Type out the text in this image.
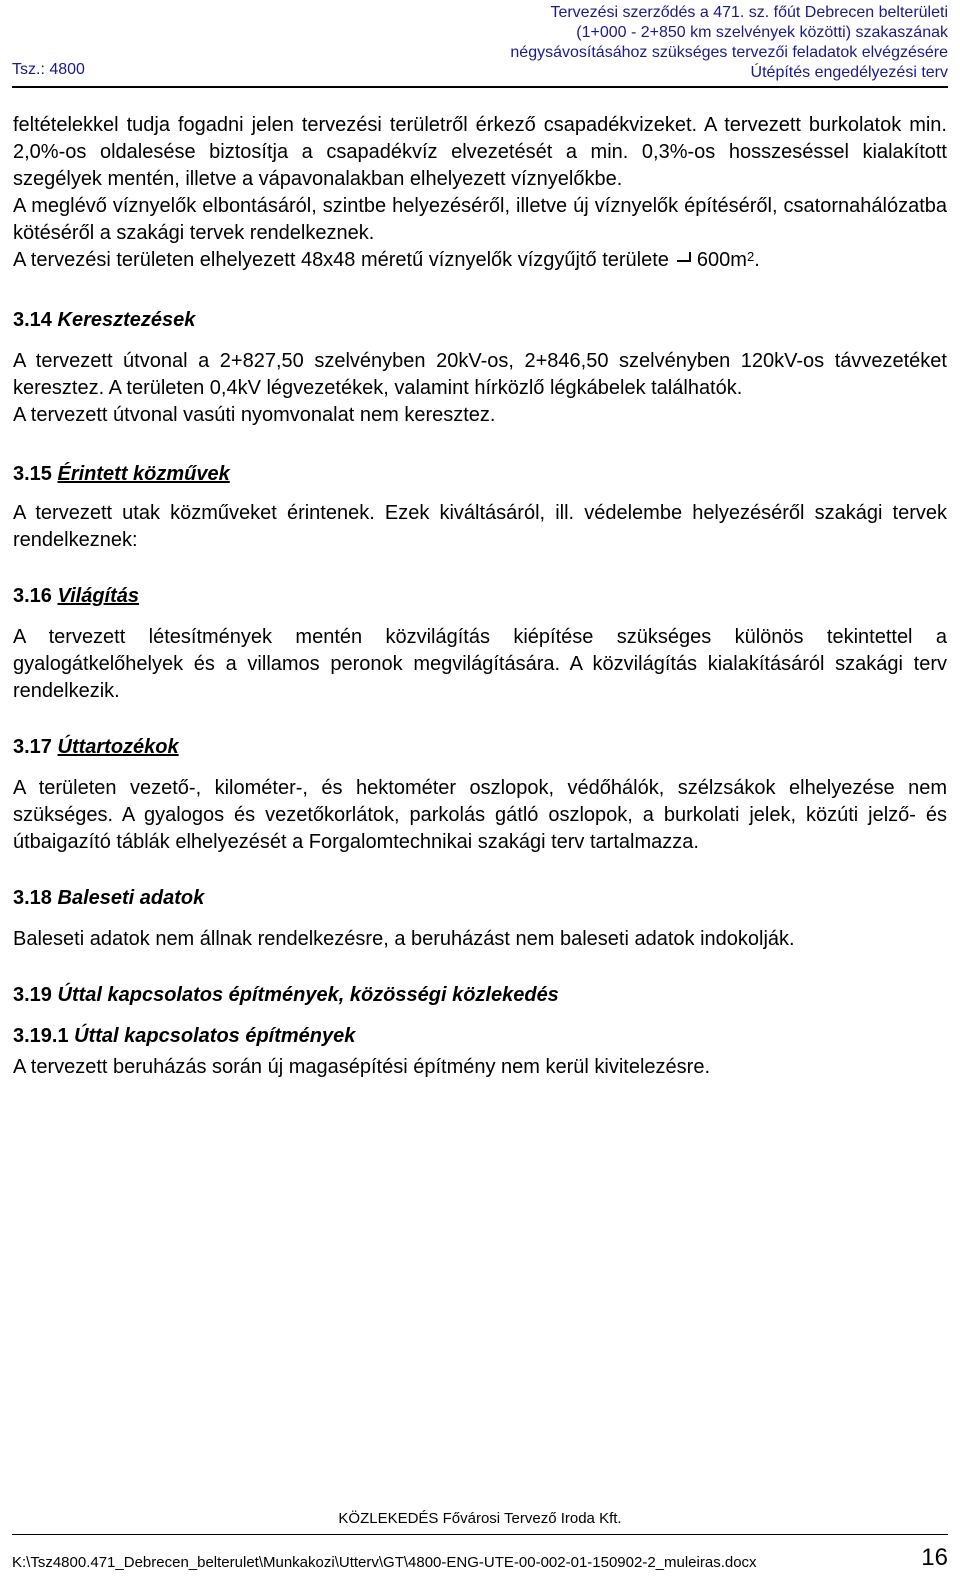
Tsz.: 4800
Tervezési szerződés a 471. sz. főút Debrecen belterületi
(1+000 - 2+850 km szelvények közötti) szakaszának
négysávosításához szükséges tervezői feladatok elvégzésére
Útépítés engedélyezési terv

feltételekkel tudja fogadni jelen tervezési területről érkező csapadékvizeket. A tervezett burkolatok min. 2,0%-os oldalesése biztosítja a csapadékvíz elvezetését a min. 0,3%-os hosszeséssel kialakított szegélyek mentén, illetve a vápavonalakban elhelyezett víznyelőkbe.

A meglévő víznyelők elbontásáról, szintbe helyezéséről, illetve új víznyelők építéséről, csatornahálózatba kötéséről a szakági tervek rendelkeznek.

A tervezési területen elhelyezett 48x48 méretű víznyelők vízgyűjtő területe $600m^2$.

3.14 Keresztezések

A tervezett útvonal a 2+827,50 szelvényben 20kV-os, 2+846,50 szelvényben 120kV-os távvezetéket keresztez. A területen 0,4kV légvezetékek, valamint hírközlő légkábelek találhatók.

A tervezett útvonal vasúti nyomvonalat nem keresztez.

3.15 Érintett közművek

A tervezett utak közműveket érintenek. Ezek kiváltásáról, ill. védelembe helyezéséről szakági tervek rendelkeznek:

3.16 Világítás

A tervezett létesítmények mentén közvilágítás kiépítése szükséges különös tekintettel a gyalogátkelőhelyek és a villamos peronok megvilágítására. A közvilágítás kialakításáról szakági terv rendelkezik.

3.17 Úttartozékok

A területen vezető-, kilométer-, és hektométer oszlopok, védőhálók, szélzsákok elhelyezése nem szükséges. A gyalogos és vezetőkorlátok, parkolás gátló oszlopok, a burkolati jelek, közúti jelző- és útbaigazító táblák elhelyezését a Forgalomtechnikai szakági terv tartalmazza.

3.18 Baleseti adatok

Baleseti adatok nem állnak rendelkezésre, a beruházást nem baleseti adatok indokolják.

3.19 Úttal kapcsolatos építmények, közösségi közlekedés

3.19.1 Úttal kapcsolatos építmények

A tervezett beruházás során új magasépítési építmény nem kerül kivitelezésre.

KÖZLEKEDÉS Fővárosi Tervező Iroda Kft.
K:\Tsz4800.471_Debrecen_belterulet\Munkakozi\Utterv\GT\4800-ENG-UTE-00-002-01-150902-2_muleiras.docx	16
